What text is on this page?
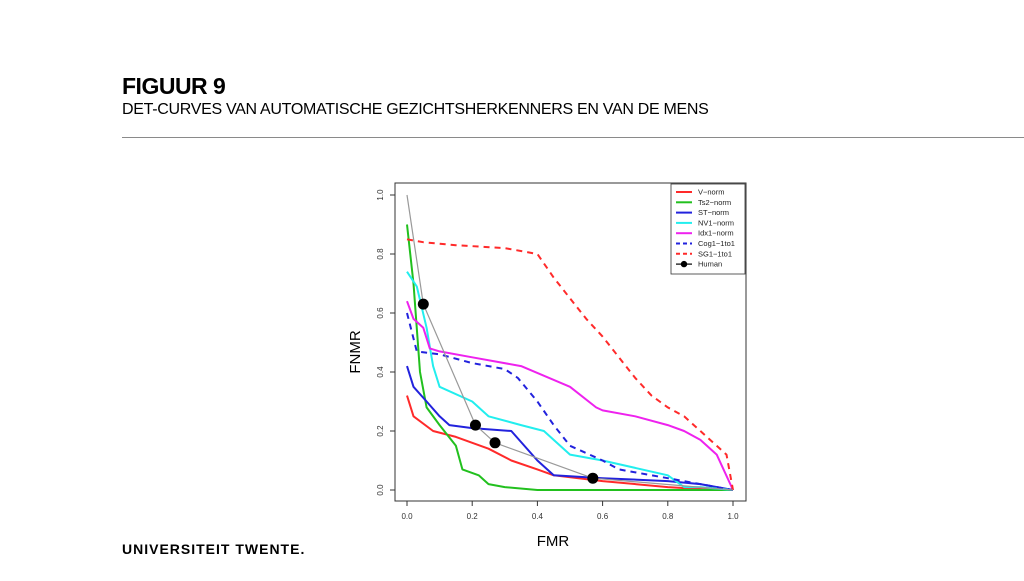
FIGUUR 9
DET-CURVES VAN AUTOMATISCHE GEZICHTSHERKENNERS EN VAN DE MENS
0.0	0.2	0.4	0.6	0.8	1.0
0.0
0.2
0.4
0.6
0.8
1.0
FMR
FNMR
V−norm
Ts2−norm
ST−norm
NV1−norm
Idx1−norm
Cog1−1to1
SG1−1to1
Human
UNIVERSITEIT TWENTE.
